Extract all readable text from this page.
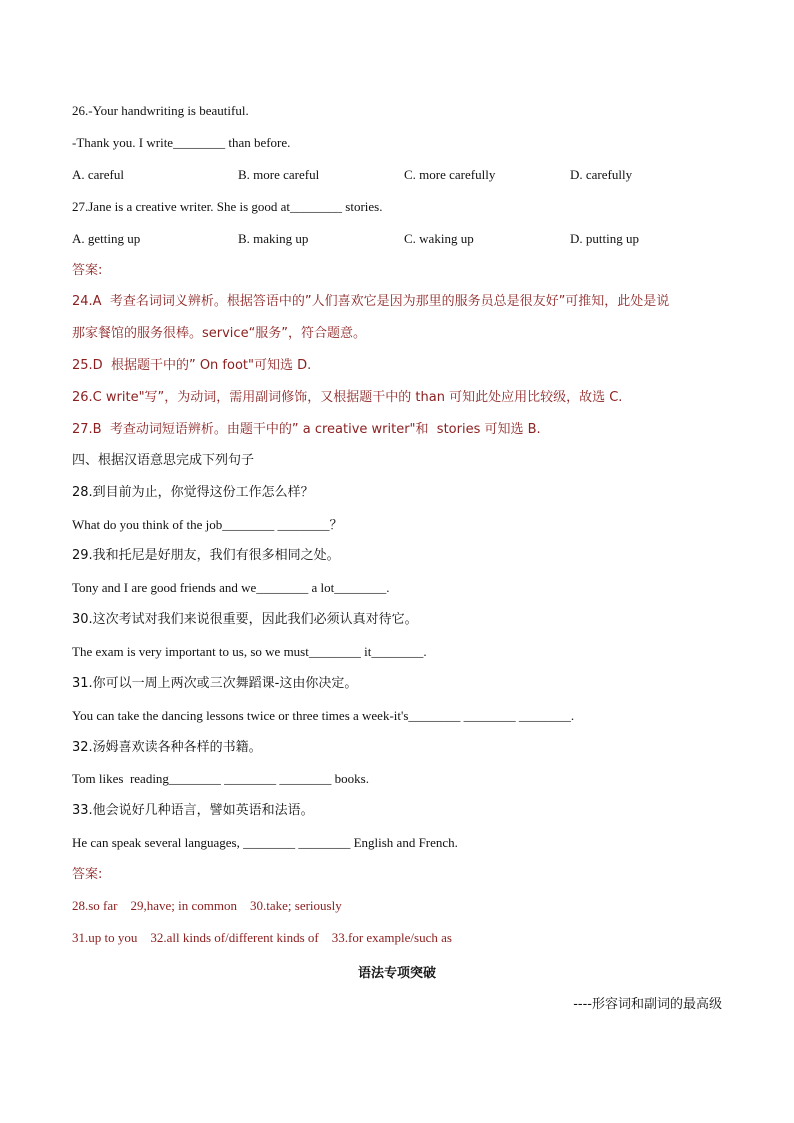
26.-Your handwriting is beautiful.
-Thank you. I write________ than before.
A. careful	B. more careful	C. more carefully	D. carefully
27.Jane is a creative writer. She is good at________ stories.
A. getting up	B. making up	C. waking up	D. putting up
答案:
24.A  考查名词词义辨析。根据答语中的”人们喜欢它是因为那里的服务员总是很友好”可推知，此处是说
那家餐馆的服务很棒。service“服务”，符合题意。
25.D  根据题干中的” On foot"可知选 D.
26.C write"写”，为动词，需用副词修饰，又根据题干中的 than 可知此处应用比较级，故选 C.
27.B  考查动词短语辨析。由题干中的” a creative writer"和  stories 可知选 B.
四、根据汉语意思完成下列句子
28.到目前为止，你觉得这份工作怎么样？
What do you think of the job________ ________？
29.我和托尼是好朋友，我们有很多相同之处。
Tony and I are good friends and we________ a lot________.
30.这次考试对我们来说很重要，因此我们必须认真对待它。
The exam is very important to us, so we must________ it________.
31.你可以一周上两次或三次舞蹈课-这由你决定。
You can take the dancing lessons twice or three times a week-it's________ ________ ________.
32.汤姆喜欢读各种各样的书籍。
Tom likes  reading________ ________ ________ books.
33.他会说好几种语言，譬如英语和法语。
He can speak several languages, ________ ________ English and French.
答案:
28.so far    29,have; in common    30.take; seriously
31.up to you    32.all kinds of/different kinds of    33.for example/such as
语法专项突破
----形容词和副词的最高级
